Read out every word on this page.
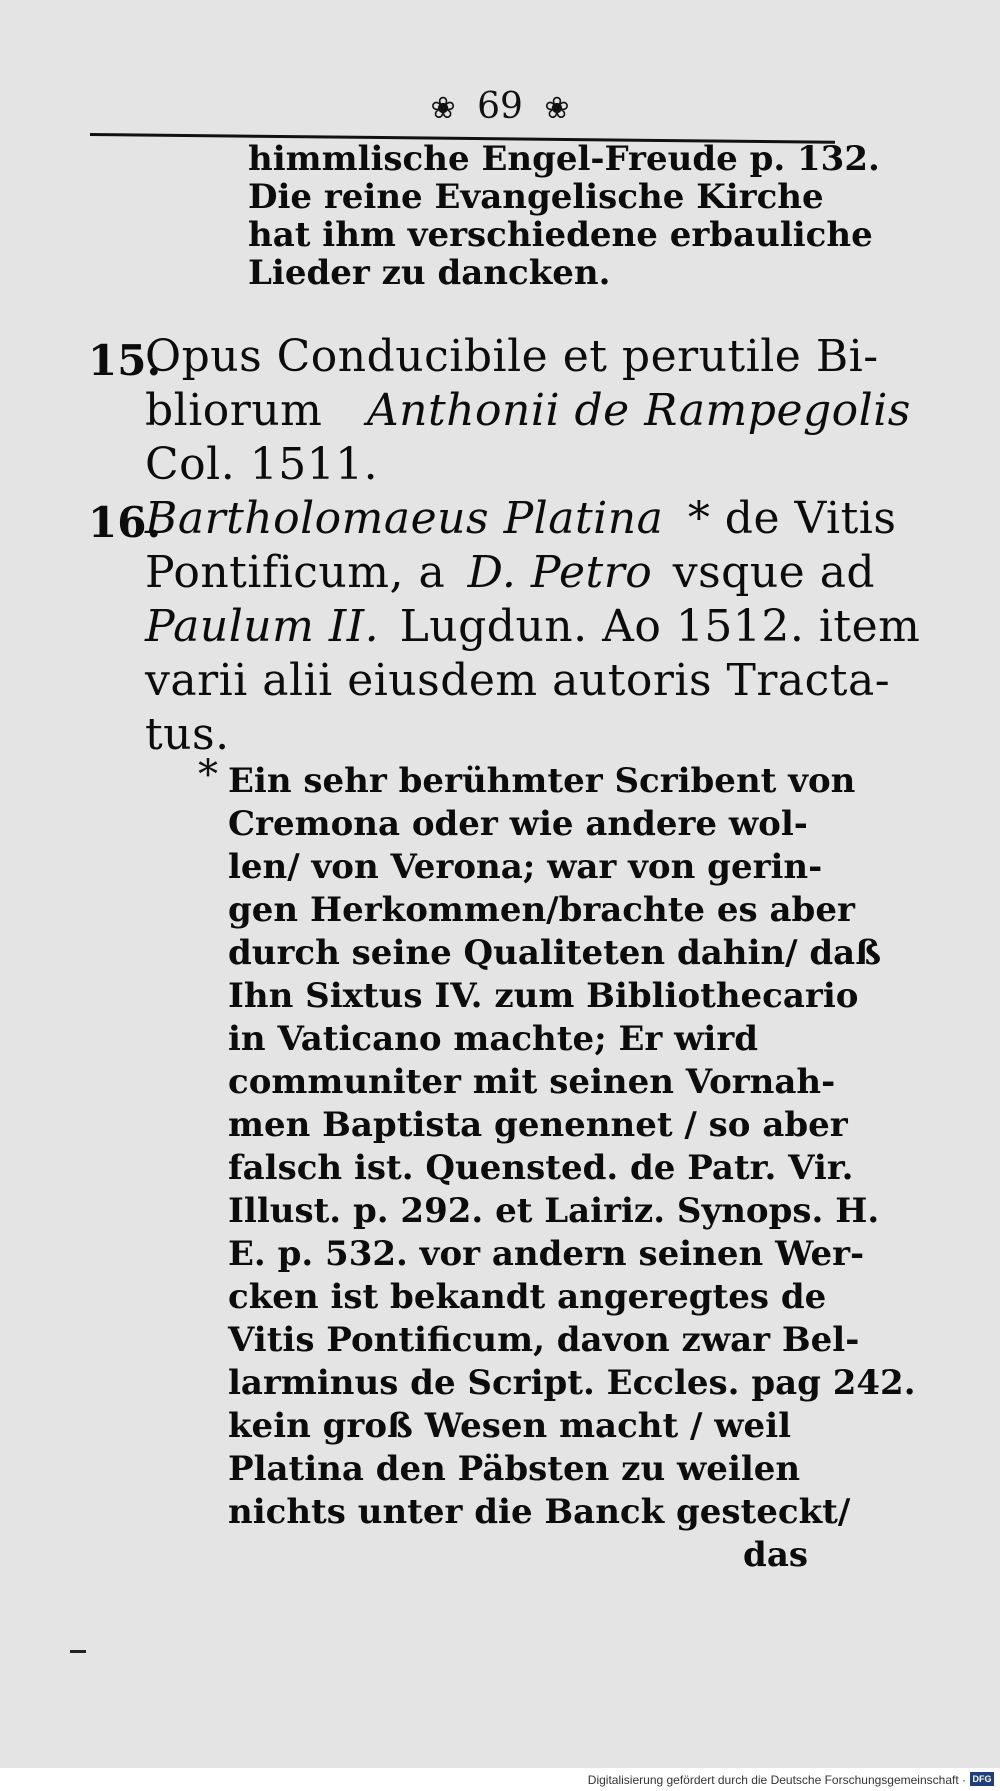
❀ 69 ❀
himmlische Engel-Freude p. 132.
Die reine Evangelische Kirche
hat ihm verschiedene erbauliche
Lieder zu dancken.
15.
Opus Conducibile et perutile Bi-
bliorum Anthonii de Rampegolis
Col. 1511.
16.
Bartholomaeus Platina * de Vitis
Pontificum, a D. Petro vsque ad
Paulum II. Lugdun. Ao 1512. item
varii alii eiusdem autoris Tracta-
tus.
* Ein sehr berühmter Scribent von
Cremona oder wie andere wol-
len/ von Verona; war von gerin-
gen Herkommen/brachte es aber
durch seine Qualiteten dahin/ daß
Ihn Sixtus IV. zum Bibliothecario
in Vaticano machte; Er wird
communiter mit seinen Vornah-
men Baptista genennet / so aber
falsch ist. Quensted. de Patr. Vir.
Illust. p. 292. et Lairiz. Synops. H.
E. p. 532. vor andern seinen Wer-
cken ist bekandt angeregtes de
Vitis Pontificum, davon zwar Bel-
larminus de Script. Eccles. pag 242.
kein groß Wesen macht / weil
Platina den Päbsten zu weilen
nichts unter die Banck gesteckt/
das
Digitalisierung gefördert durch die Deutsche Forschungsgemeinschaft · DFG
